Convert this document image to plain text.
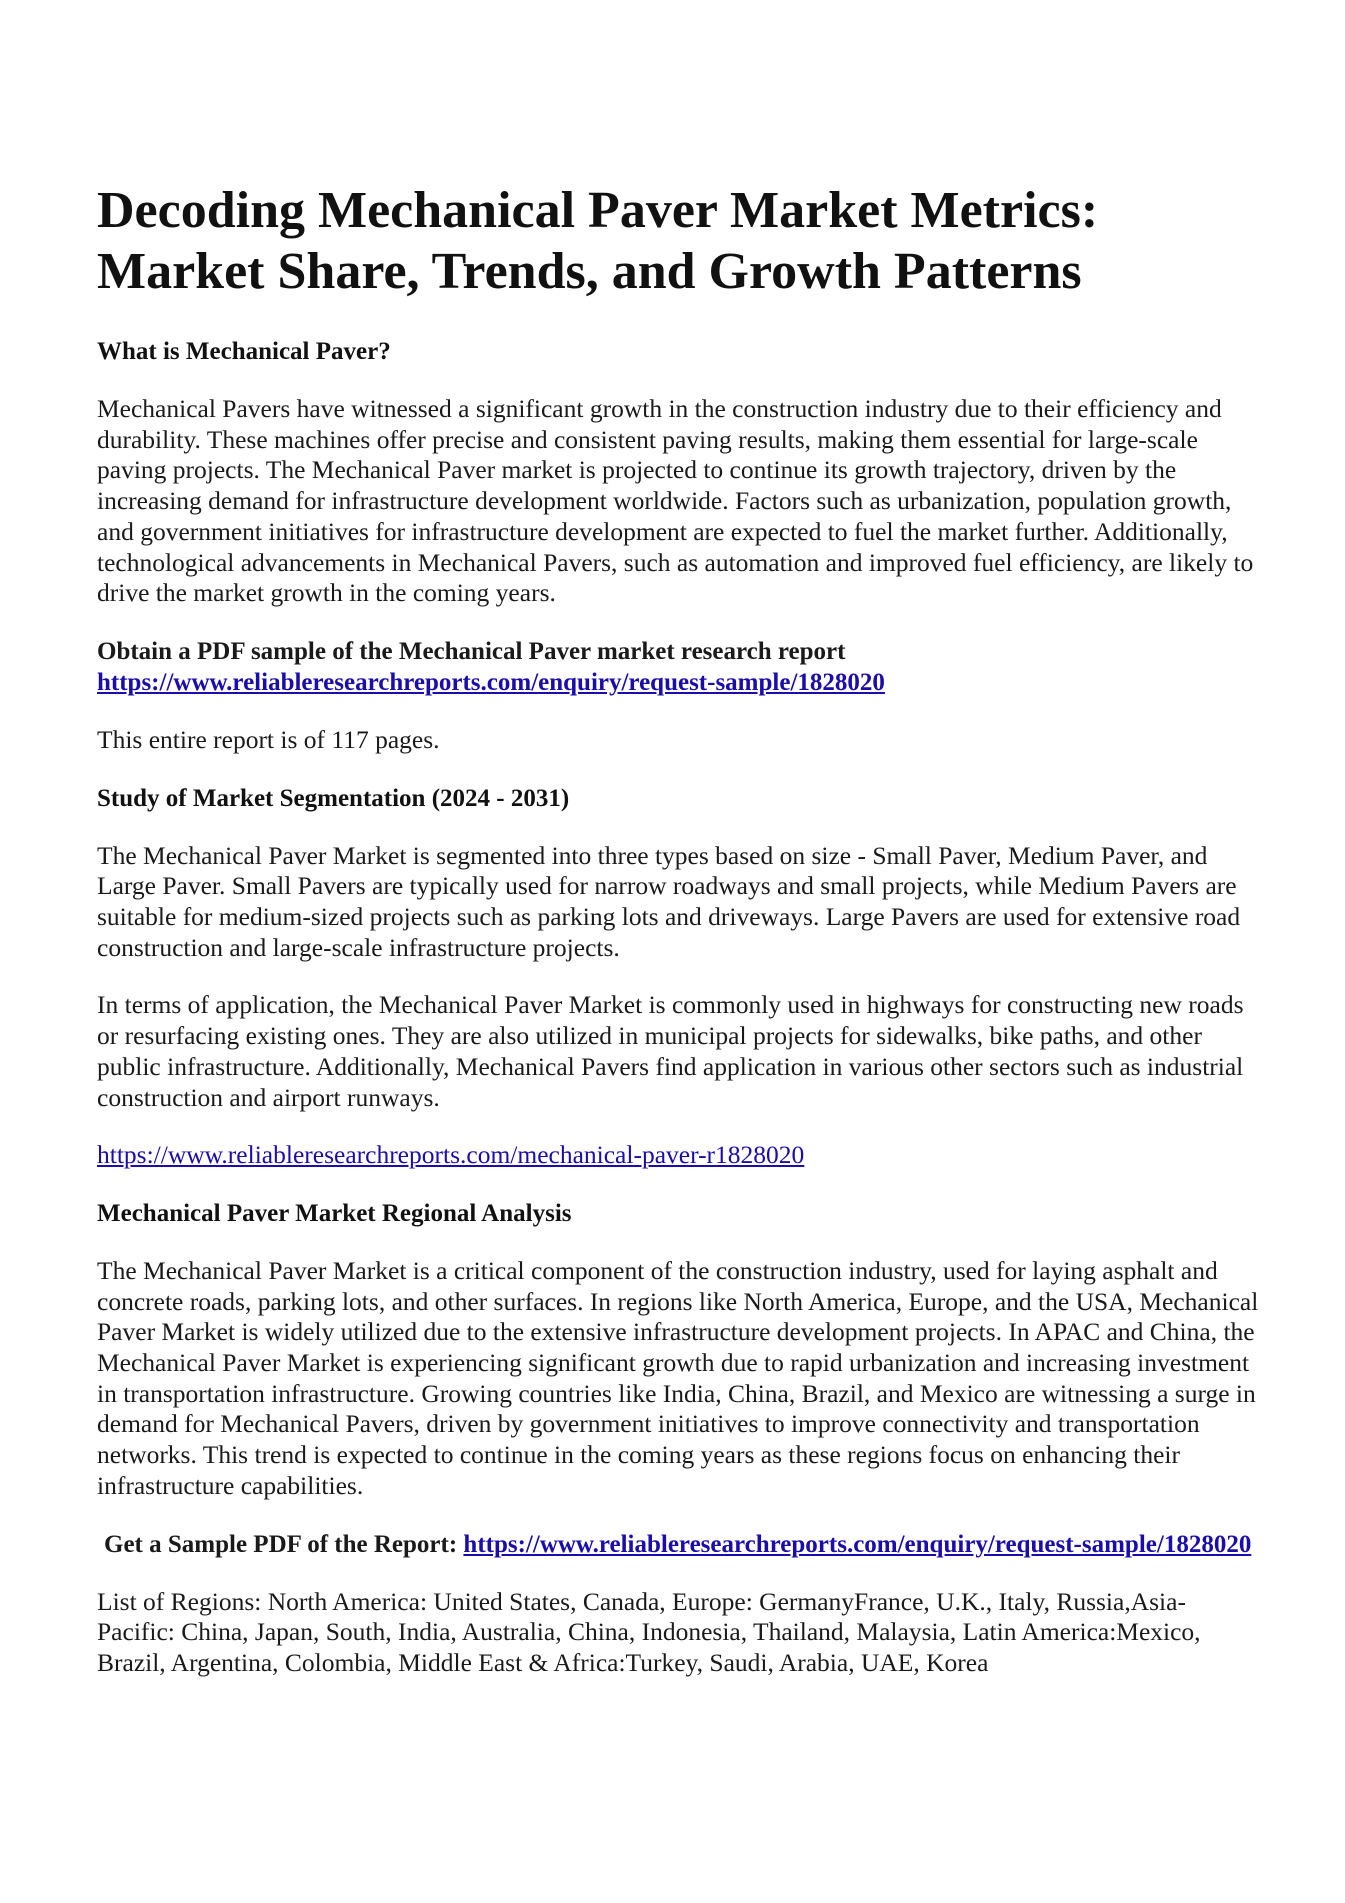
Decoding Mechanical Paver Market Metrics: Market Share, Trends, and Growth Patterns
What is Mechanical Paver?

Mechanical Pavers have witnessed a significant growth in the construction industry due to their efficiency and durability. These machines offer precise and consistent paving results, making them essential for large-scale paving projects. The Mechanical Paver market is projected to continue its growth trajectory, driven by the increasing demand for infrastructure development worldwide. Factors such as urbanization, population growth, and government initiatives for infrastructure development are expected to fuel the market further. Additionally, technological advancements in Mechanical Pavers, such as automation and improved fuel efficiency, are likely to drive the market growth in the coming years.

Obtain a PDF sample of the Mechanical Paver market research report https://www.reliableresearchreports.com/enquiry/request-sample/1828020

This entire report is of 117 pages.

Study of Market Segmentation (2024 - 2031)

The Mechanical Paver Market is segmented into three types based on size - Small Paver, Medium Paver, and Large Paver. Small Pavers are typically used for narrow roadways and small projects, while Medium Pavers are suitable for medium-sized projects such as parking lots and driveways. Large Pavers are used for extensive road construction and large-scale infrastructure projects.

In terms of application, the Mechanical Paver Market is commonly used in highways for constructing new roads or resurfacing existing ones. They are also utilized in municipal projects for sidewalks, bike paths, and other public infrastructure. Additionally, Mechanical Pavers find application in various other sectors such as industrial construction and airport runways.

https://www.reliableresearchreports.com/mechanical-paver-r1828020

Mechanical Paver Market Regional Analysis

The Mechanical Paver Market is a critical component of the construction industry, used for laying asphalt and concrete roads, parking lots, and other surfaces. In regions like North America, Europe, and the USA, Mechanical Paver Market is widely utilized due to the extensive infrastructure development projects. In APAC and China, the Mechanical Paver Market is experiencing significant growth due to rapid urbanization and increasing investment in transportation infrastructure. Growing countries like India, China, Brazil, and Mexico are witnessing a surge in demand for Mechanical Pavers, driven by government initiatives to improve connectivity and transportation networks. This trend is expected to continue in the coming years as these regions focus on enhancing their infrastructure capabilities.

Get a Sample PDF of the Report: https://www.reliableresearchreports.com/enquiry/request-sample/1828020

List of Regions: North America: United States, Canada, Europe: GermanyFrance, U.K., Italy, Russia,Asia-Pacific: China, Japan, South, India, Australia, China, Indonesia, Thailand, Malaysia, Latin America:Mexico, Brazil, Argentina, Colombia, Middle East & Africa:Turkey, Saudi, Arabia, UAE, Korea
